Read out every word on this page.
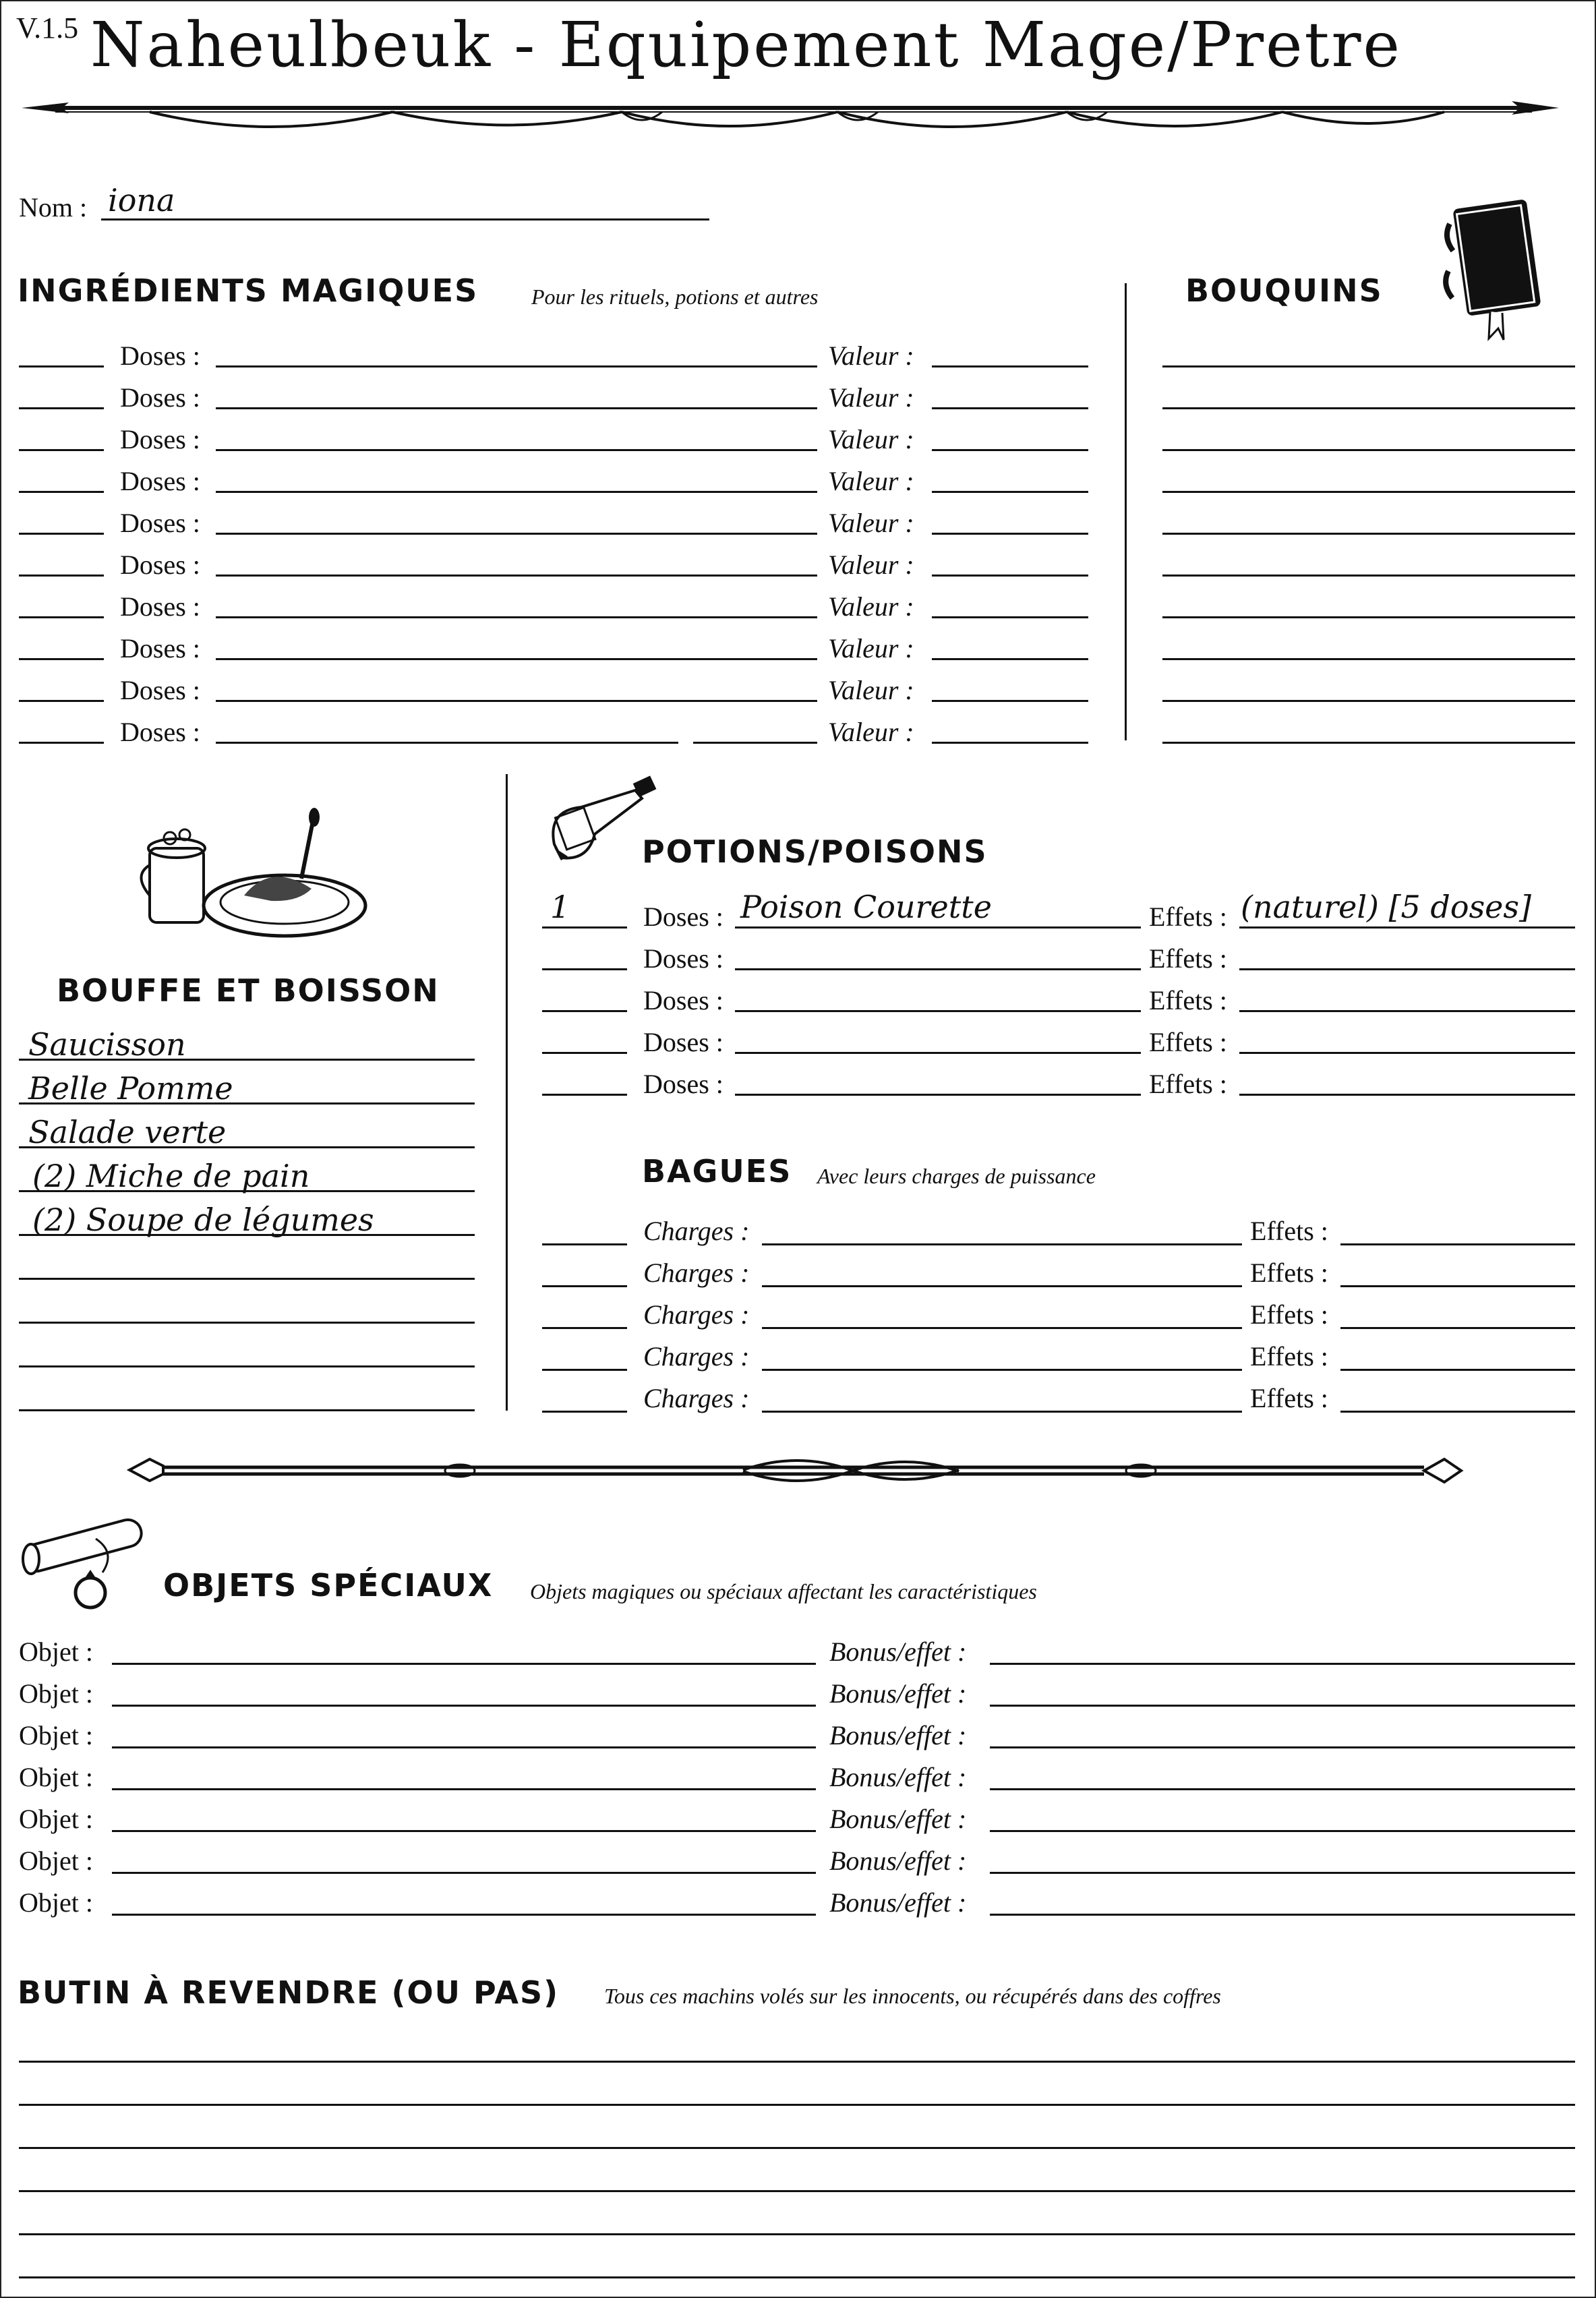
V.1.5 Naheulbeuk - Equipement Mage/Pretre
Nom : iona
INGRÉDIENTS MAGIQUES Pour les rituels, potions et autres	BOUQUINS
Doses :	Valeur :
Doses :	Valeur :
Doses :	Valeur :
Doses :	Valeur :
Doses :	Valeur :
Doses :	Valeur :
Doses :	Valeur :
Doses :	Valeur :
Doses :	Valeur :
Doses :	Valeur :
BOUFFE ET BOISSON
Saucisson
Belle Pomme
Salade verte
(2) Miche de pain
(2) Soupe de légumes
POTIONS/POISONS
1	Poison Courette	(naturel) [5 doses]
Doses :	Effets :
Doses :	Effets :
Doses :	Effets :
Doses :	Effets :
Doses :	Effets :
BAGUES Avec leurs charges de puissance
Charges :	Effets :
Charges :	Effets :
Charges :	Effets :
Charges :	Effets :
Charges :	Effets :
OBJETS SPÉCIAUX Objets magiques ou spéciaux affectant les caractéristiques
Objet :	Bonus/effet :
Objet :	Bonus/effet :
Objet :	Bonus/effet :
Objet :	Bonus/effet :
Objet :	Bonus/effet :
Objet :	Bonus/effet :
Objet :	Bonus/effet :
BUTIN À REVENDRE (OU PAS) Tous ces machins volés sur les innocents, ou récupérés dans des coffres
